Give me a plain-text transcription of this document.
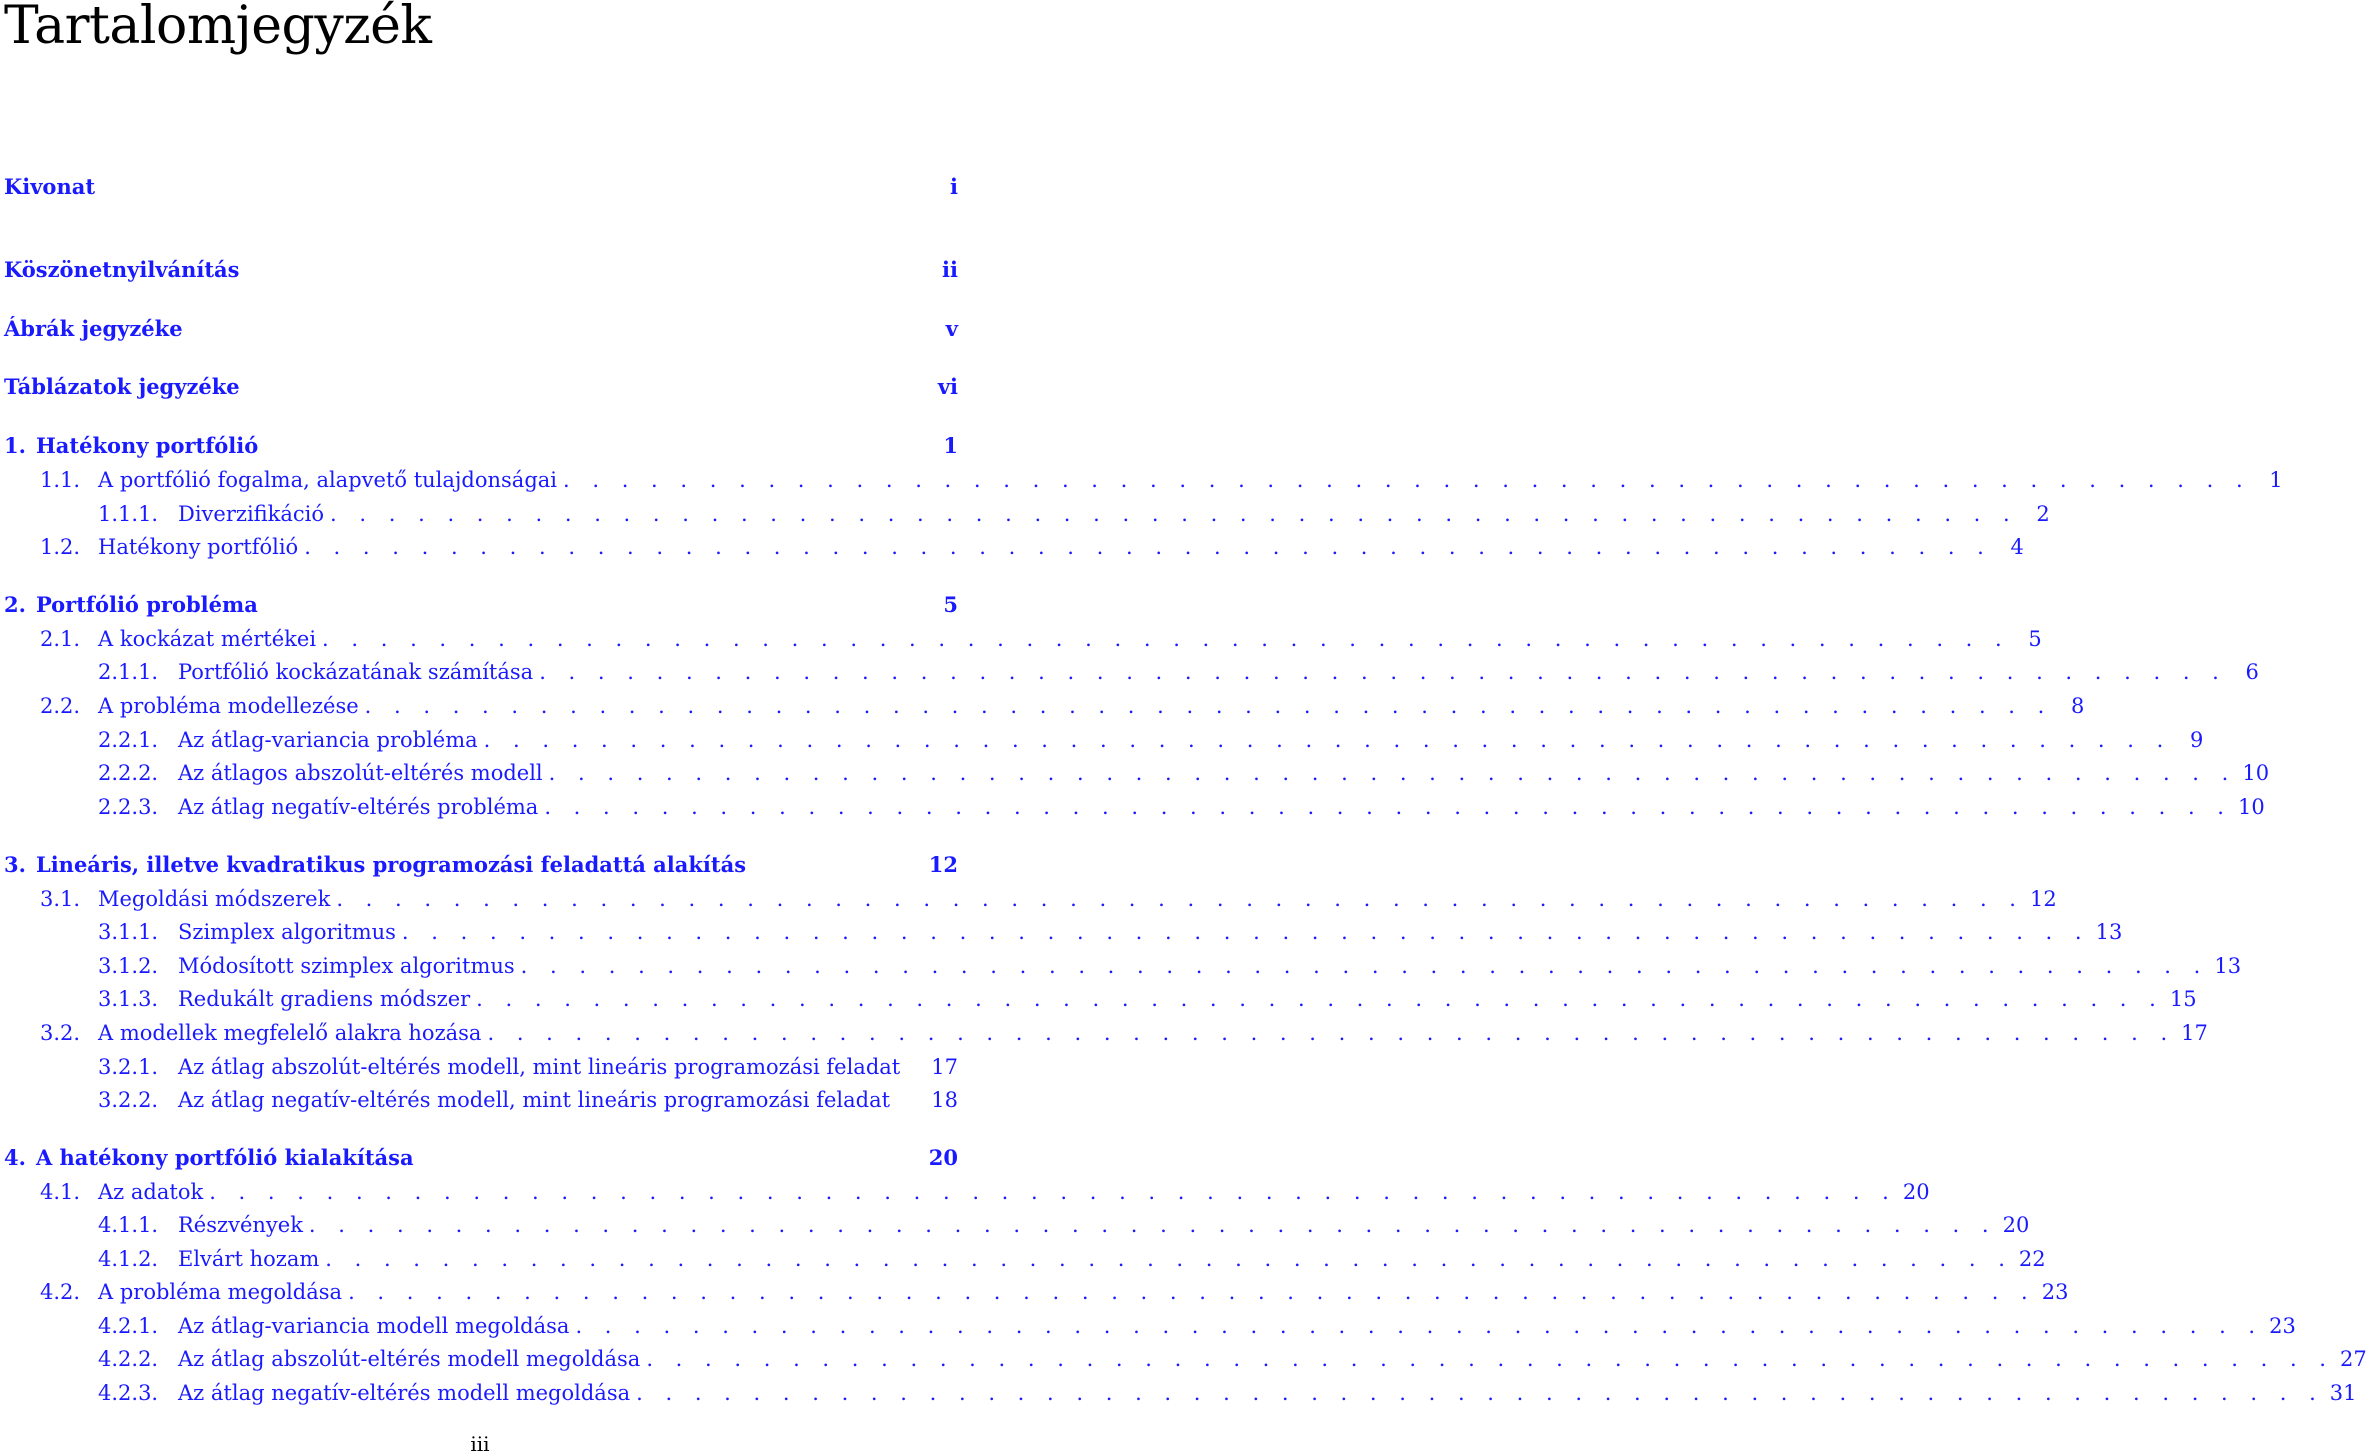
Tartalomjegyzék
Kivonat	i
Köszönetnyilvánítás	ii
Ábrák jegyzéke	v
Táblázatok jegyzéke	vi
1. Hatékony portfólió	1
1.1. A portfólió fogalma, alapvető tulajdonságai . . . . . . . . . . . . . . . . . . . . . . . . . . . . . . . . . . . . . . . . . . . . . . . . . . . . . . . . . . 1
1.1.1. Diverzifikáció . . . . . . . . . . . . . . . . . . . . . . . . . . . . . . . . . . . . . . . . . . . . . . . . . . . . . . . . . . 2
1.2. Hatékony portfólió . . . . . . . . . . . . . . . . . . . . . . . . . . . . . . . . . . . . . . . . . . . . . . . . . . . . . . . . . . 4
2. Portfólió probléma	5
2.1. A kockázat mértékei . . . . . . . . . . . . . . . . . . . . . . . . . . . . . . . . . . . . . . . . . . . . . . . . . . . . . . . . . . 5
2.1.1. Portfólió kockázatának számítása . . . . . . . . . . . . . . . . . . . . . . . . . . . . . . . . . . . . . . . . . . . . . . . . . . . . . . . . . . 6
2.2. A probléma modellezése . . . . . . . . . . . . . . . . . . . . . . . . . . . . . . . . . . . . . . . . . . . . . . . . . . . . . . . . . . 8
2.2.1. Az átlag-variancia probléma . . . . . . . . . . . . . . . . . . . . . . . . . . . . . . . . . . . . . . . . . . . . . . . . . . . . . . . . . . 9
2.2.2. Az átlagos abszolút-eltérés modell . . . . . . . . . . . . . . . . . . . . . . . . . . . . . . . . . . . . . . . . . . . . . . . . . . . . . . . . . . 10
2.2.3. Az átlag negatív-eltérés probléma . . . . . . . . . . . . . . . . . . . . . . . . . . . . . . . . . . . . . . . . . . . . . . . . . . . . . . . . . . 10
3. Lineáris, illetve kvadratikus programozási feladattá alakítás	12
3.1. Megoldási módszerek . . . . . . . . . . . . . . . . . . . . . . . . . . . . . . . . . . . . . . . . . . . . . . . . . . . . . . . . . . 12
3.1.1. Szimplex algoritmus . . . . . . . . . . . . . . . . . . . . . . . . . . . . . . . . . . . . . . . . . . . . . . . . . . . . . . . . . . 13
3.1.2. Módosított szimplex algoritmus . . . . . . . . . . . . . . . . . . . . . . . . . . . . . . . . . . . . . . . . . . . . . . . . . . . . . . . . . . 13
3.1.3. Redukált gradiens módszer . . . . . . . . . . . . . . . . . . . . . . . . . . . . . . . . . . . . . . . . . . . . . . . . . . . . . . . . . . 15
3.2. A modellek megfelelő alakra hozása . . . . . . . . . . . . . . . . . . . . . . . . . . . . . . . . . . . . . . . . . . . . . . . . . . . . . . . . . . 17
3.2.1. Az átlag abszolút-eltérés modell, mint lineáris programozási feladat 17
3.2.2. Az átlag negatív-eltérés modell, mint lineáris programozási feladat 18
4. A hatékony portfólió kialakítása	20
4.1. Az adatok . . . . . . . . . . . . . . . . . . . . . . . . . . . . . . . . . . . . . . . . . . . . . . . . . . . . . . . . . . 20
4.1.1. Részvények . . . . . . . . . . . . . . . . . . . . . . . . . . . . . . . . . . . . . . . . . . . . . . . . . . . . . . . . . . 20
4.1.2. Elvárt hozam . . . . . . . . . . . . . . . . . . . . . . . . . . . . . . . . . . . . . . . . . . . . . . . . . . . . . . . . . . 22
4.2. A probléma megoldása . . . . . . . . . . . . . . . . . . . . . . . . . . . . . . . . . . . . . . . . . . . . . . . . . . . . . . . . . . 23
4.2.1. Az átlag-variancia modell megoldása . . . . . . . . . . . . . . . . . . . . . . . . . . . . . . . . . . . . . . . . . . . . . . . . . . . . . . . . . . 23
4.2.2. Az átlag abszolút-eltérés modell megoldása . . . . . . . . . . . . . . . . . . . . . . . . . . . . . . . . . . . . . . . . . . . . . . . . . . . . . . . . . . 27
4.2.3. Az átlag negatív-eltérés modell megoldása . . . . . . . . . . . . . . . . . . . . . . . . . . . . . . . . . . . . . . . . . . . . . . . . . . . . . . . . . . 31
iii
